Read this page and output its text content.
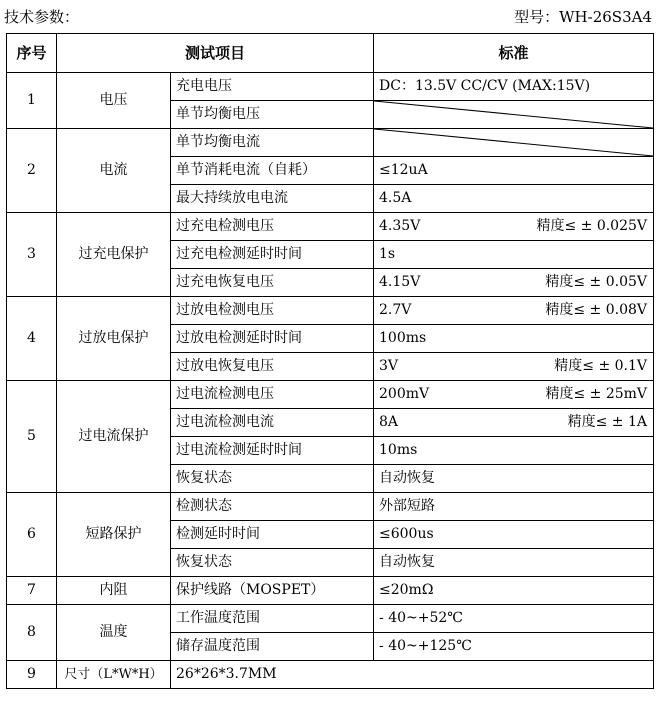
技术参数：	型号：WH-26S3A4
序号	测试项目		标准
1	电压	充电电压	DC：13.5V CC/CV (MAX:15V)
		单节均衡电压	

2	电流	单节均衡电流	

		单节消耗电流（自耗）	≤12uA
		最大持续放电电流	4.5A
3	过充电保护	过充电检测电压	4.35V 精度≤ ± 0.025V

		过充电检测延时时间	1s
		过充电恢复电压	4.15V 精度≤ ± 0.05V

4	过放电保护	过放电检测电压	2.7V 精度≤ ± 0.08V

		过放电检测延时时间	100ms
		过放电恢复电压	3V 精度≤ ± 0.1V

5	过电流保护	过电流检测电压	200mV 精度≤ ± 25mV

		过电流检测电流	8A 精度≤ ± 1A

		过电流检测延时时间	10ms
		恢复状态	自动恢复
6	短路保护	检测状态	外部短路
		检测延时时间	≤600us
		恢复状态	自动恢复
7	内阻	保护线路（MOSPET）	≤20mΩ
8	温度	工作温度范围	- 40~+52℃
		储存温度范围	- 40~+125℃
9	尺寸（L*W*H）	26*26*3.7MM	
